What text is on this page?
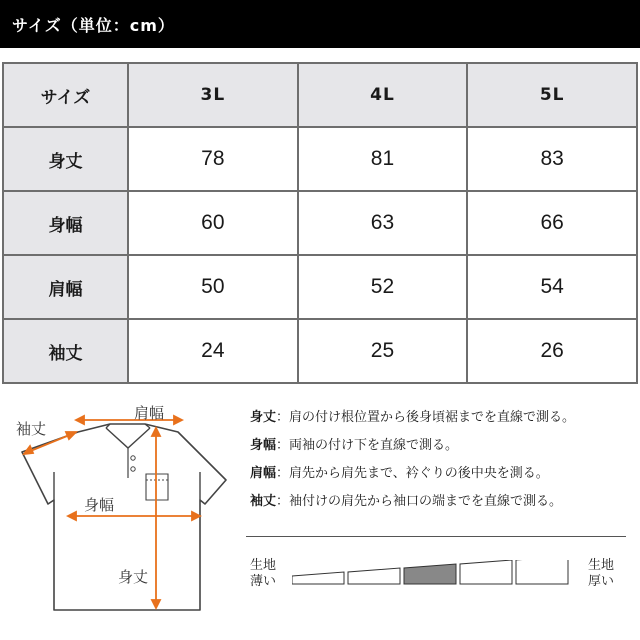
サイズ（単位：cm）
サイズ	3L	4L	5L
身丈	78	81	83
身幅	60	63	66
肩幅	50	52	54
袖丈	24	25	26
袖丈
肩幅
身幅
身丈
身丈：肩の付け根位置から後身頃裾までを直線で測る。
身幅：両袖の付け下を直線で測る。
肩幅：肩先から肩先まで、衿ぐりの後中央を測る。
袖丈：袖付けの肩先から袖口の端までを直線で測る。
生地
薄い
生地
厚い
